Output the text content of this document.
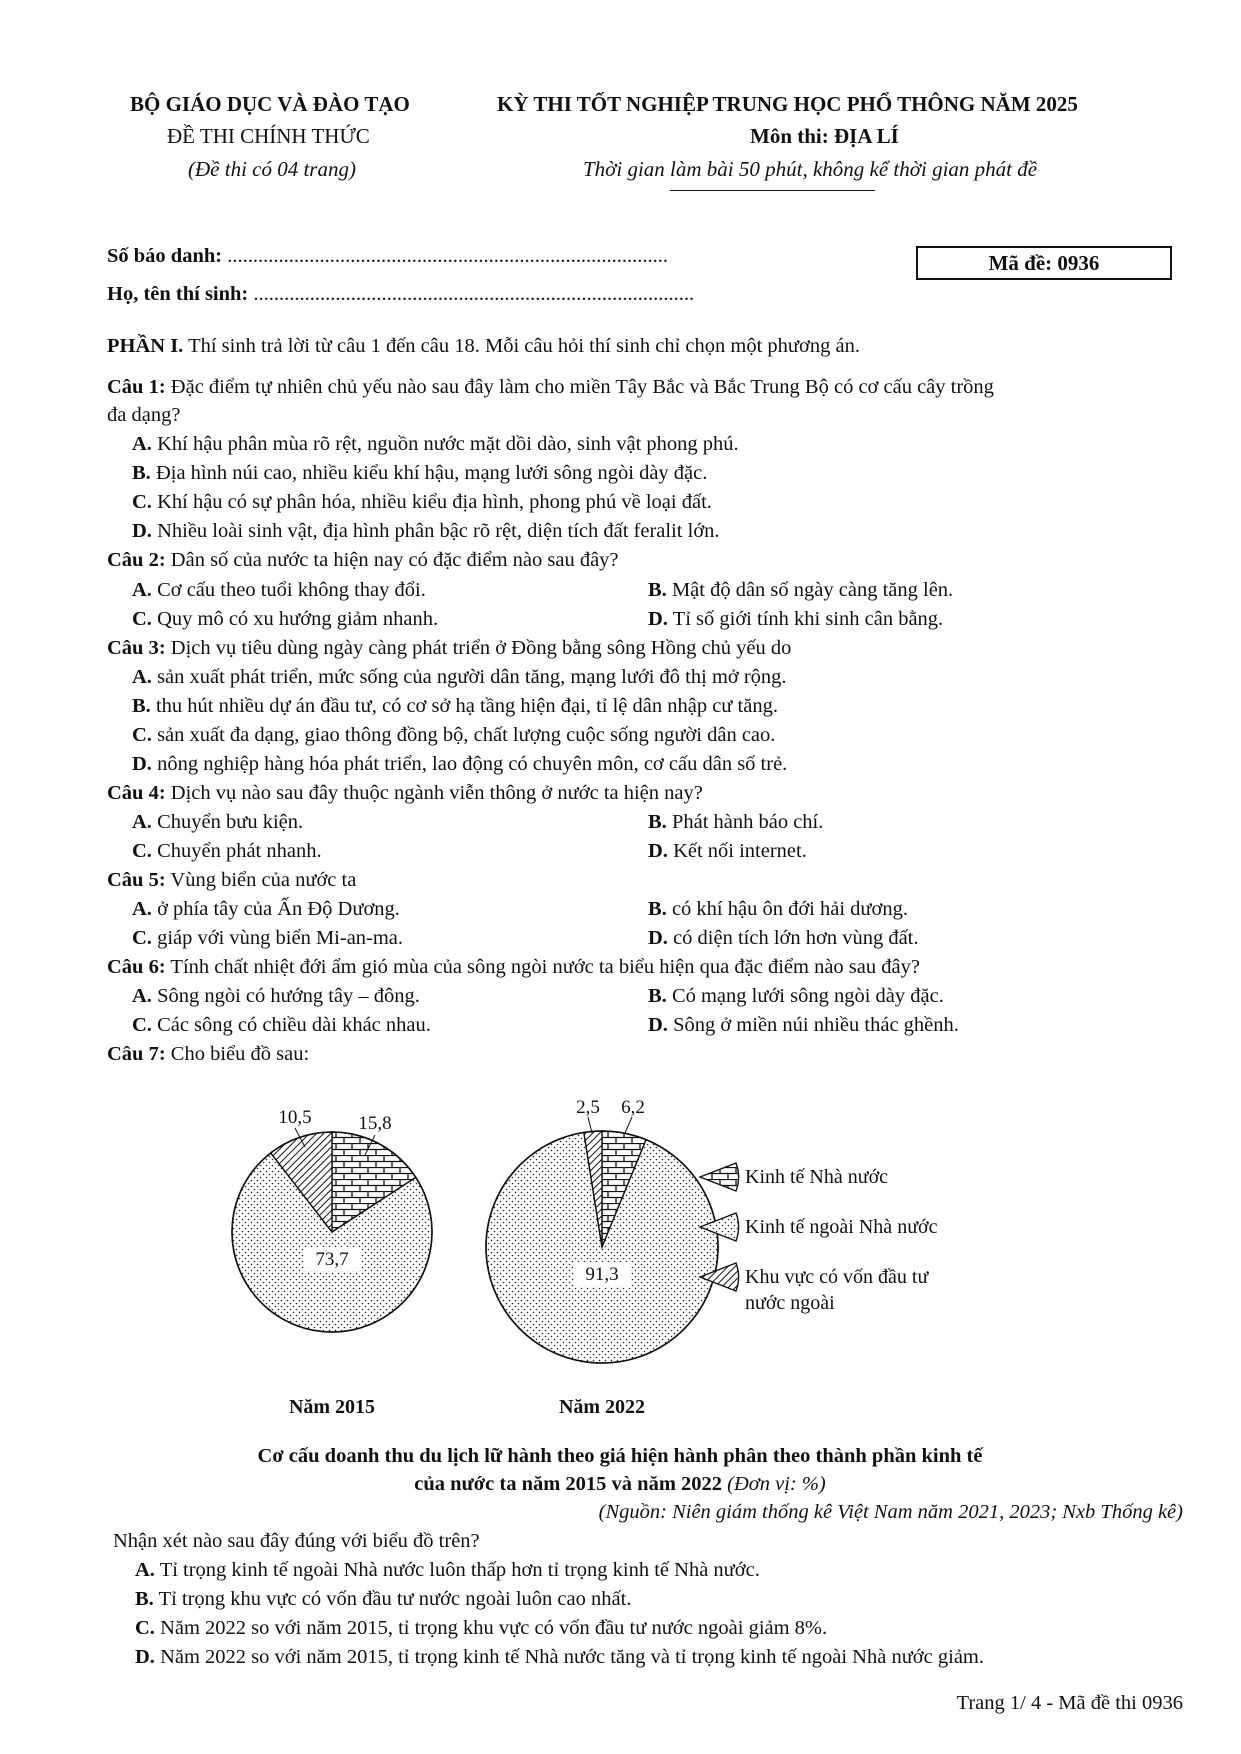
BỘ GIÁO DỤC VÀ ĐÀO TẠO
ĐỀ THI CHÍNH THỨC
(Đề thi có 04 trang)
KỲ THI TỐT NGHIỆP TRUNG HỌC PHỔ THÔNG NĂM 2025
Môn thi: ĐỊA LÍ
Thời gian làm bài 50 phút, không kể thời gian phát đề
Số báo danh: ......................................................................................
Họ, tên thí sinh: ......................................................................................
Mã đề: 0936
PHẦN I. Thí sinh trả lời từ câu 1 đến câu 18. Mỗi câu hỏi thí sinh chỉ chọn một phương án.
Câu 1: Đặc điểm tự nhiên chủ yếu nào sau đây làm cho miền Tây Bắc và Bắc Trung Bộ có cơ cấu cây trồng
đa dạng?
A. Khí hậu phân mùa rõ rệt, nguồn nước mặt dồi dào, sinh vật phong phú.
B. Địa hình núi cao, nhiều kiểu khí hậu, mạng lưới sông ngòi dày đặc.
C. Khí hậu có sự phân hóa, nhiều kiểu địa hình, phong phú về loại đất.
D. Nhiều loài sinh vật, địa hình phân bậc rõ rệt, diện tích đất feralit lớn.
Câu 2: Dân số của nước ta hiện nay có đặc điểm nào sau đây?
A. Cơ cấu theo tuổi không thay đổi.	B. Mật độ dân số ngày càng tăng lên.
C. Quy mô có xu hướng giảm nhanh.	D. Tỉ số giới tính khi sinh cân bằng.
Câu 3: Dịch vụ tiêu dùng ngày càng phát triển ở Đồng bằng sông Hồng chủ yếu do
A. sản xuất phát triển, mức sống của người dân tăng, mạng lưới đô thị mở rộng.
B. thu hút nhiều dự án đầu tư, có cơ sở hạ tầng hiện đại, tỉ lệ dân nhập cư tăng.
C. sản xuất đa dạng, giao thông đồng bộ, chất lượng cuộc sống người dân cao.
D. nông nghiệp hàng hóa phát triển, lao động có chuyên môn, cơ cấu dân số trẻ.
Câu 4: Dịch vụ nào sau đây thuộc ngành viễn thông ở nước ta hiện nay?
A. Chuyển bưu kiện.	B. Phát hành báo chí.
C. Chuyển phát nhanh.	D. Kết nối internet.
Câu 5: Vùng biển của nước ta
A. ở phía tây của Ấn Độ Dương.	B. có khí hậu ôn đới hải dương.
C. giáp với vùng biển Mi-an-ma.	D. có diện tích lớn hơn vùng đất.
Câu 6: Tính chất nhiệt đới ẩm gió mùa của sông ngòi nước ta biểu hiện qua đặc điểm nào sau đây?
A. Sông ngòi có hướng tây – đông.	B. Có mạng lưới sông ngòi dày đặc.
C. Các sông có chiều dài khác nhau.	D. Sông ở miền núi nhiều thác ghềnh.
Câu 7: Cho biểu đồ sau:
15,8
73,7
10,5
Năm 2015
6,2
91,3
2,5
Năm 2022
Kinh tế Nhà nước
Kinh tế ngoài Nhà nước
Khu vực có vốn đầu tư
nước ngoài
Cơ cấu doanh thu du lịch lữ hành theo giá hiện hành phân theo thành phần kinh tế
của nước ta năm 2015 và năm 2022 (Đơn vị: %)
(Nguồn: Niên giám thống kê Việt Nam năm 2021, 2023; Nxb Thống kê)
Nhận xét nào sau đây đúng với biểu đồ trên?
A. Tỉ trọng kinh tế ngoài Nhà nước luôn thấp hơn tỉ trọng kinh tế Nhà nước.
B. Tỉ trọng khu vực có vốn đầu tư nước ngoài luôn cao nhất.
C. Năm 2022 so với năm 2015, tỉ trọng khu vực có vốn đầu tư nước ngoài giảm 8%.
D. Năm 2022 so với năm 2015, tỉ trọng kinh tế Nhà nước tăng và tỉ trọng kinh tế ngoài Nhà nước giảm.
Trang 1/ 4 - Mã đề thi 0936
